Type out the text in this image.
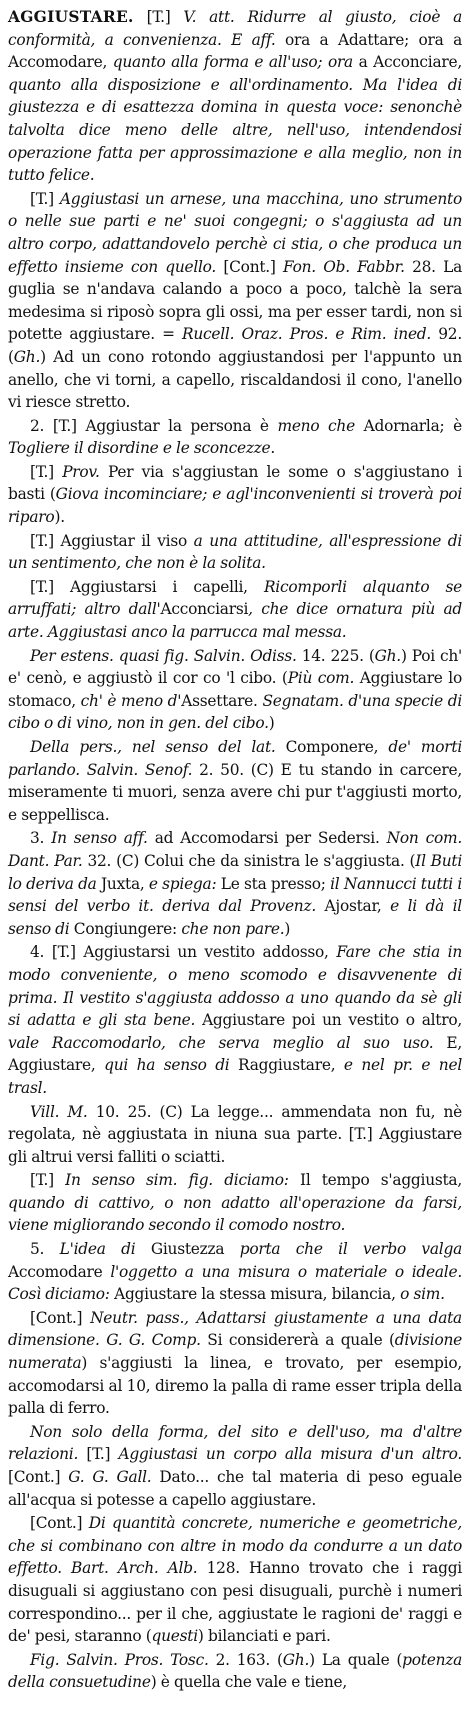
AGGIUSTARE. [T.] V. att. Ridurre al giusto, cioè a conformità, a convenienza. E aff. ora a Adattare; ora a Accomodare, quanto alla forma e all'uso; ora a Acconciare, quanto alla disposizione e all'ordinamento. Ma l'idea di giustezza e di esattezza domina in questa voce: senonchè talvolta dice meno delle altre, nell'uso, intendendosi operazione fatta per approssimazione e alla meglio, non in tutto felice.

[T.] Aggiustasi un arnese, una macchina, uno strumento o nelle sue parti e ne' suoi congegni; o s'aggiusta ad un altro corpo, adattandovelo perchè ci stia, o che produca un effetto insieme con quello. [Cont.] Fon. Ob. Fabbr. 28. La guglia se n'andava calando a poco a poco, talchè la sera medesima si riposò sopra gli ossi, ma per esser tardi, non si potette aggiustare. = Rucell. Oraz. Pros. e Rim. ined. 92. (Gh.) Ad un cono rotondo aggiustandosi per l'appunto un anello, che vi torni, a capello, riscaldandosi il cono, l'anello vi riesce stretto.

2. [T.] Aggiustar la persona è meno che Adornarla; è Togliere il disordine e le sconcezze.

[T.] Prov. Per via s'aggiustan le some o s'aggiustano i basti (Giova incominciare; e agl'inconvenienti si troverà poi riparo).

[T.] Aggiustar il viso a una attitudine, all'espressione di un sentimento, che non è la solita.

[T.] Aggiustarsi i capelli, Ricomporli alquanto se arruffati; altro dall'Acconciarsi, che dice ornatura più ad arte. Aggiustasi anco la parrucca mal messa.

Per estens. quasi fig. Salvin. Odiss. 14. 225. (Gh.) Poi ch' e' cenò, e aggiustò il cor co 'l cibo. (Più com. Aggiustare lo stomaco, ch' è meno d'Assettare. Segnatam. d'una specie di cibo o di vino, non in gen. del cibo.)

Della pers., nel senso del lat. Componere, de' morti parlando. Salvin. Senof. 2. 50. (C) E tu stando in carcere, miseramente ti muori, senza avere chi pur t'aggiusti morto, e seppellisca.

3. In senso aff. ad Accomodarsi per Sedersi. Non com. Dant. Par. 32. (C) Colui che da sinistra le s'aggiusta. (Il Buti lo deriva da Juxta, e spiega: Le sta presso; il Nannucci tutti i sensi del verbo it. deriva dal Provenz. Ajostar, e li dà il senso di Congiungere: che non pare.)

4. [T.] Aggiustarsi un vestito addosso, Fare che stia in modo conveniente, o meno scomodo e disavvenente di prima. Il vestito s'aggiusta addosso a uno quando da sè gli si adatta e gli sta bene. Aggiustare poi un vestito o altro, vale Raccomodarlo, che serva meglio al suo uso. E, Aggiustare, qui ha senso di Raggiustare, e nel pr. e nel trasl.

Vill. M. 10. 25. (C) La legge... ammendata non fu, nè regolata, nè aggiustata in niuna sua parte. [T.] Aggiustare gli altrui versi falliti o sciatti.

[T.] In senso sim. fig. diciamo: Il tempo s'aggiusta, quando di cattivo, o non adatto all'operazione da farsi, viene migliorando secondo il comodo nostro.

5. L'idea di Giustezza porta che il verbo valga Accomodare l'oggetto a una misura o materiale o ideale. Così diciamo: Aggiustare la stessa misura, bilancia, o sim.

[Cont.] Neutr. pass., Adattarsi giustamente a una data dimensione. G. G. Comp. Si considererà a quale (divisione numerata) s'aggiusti la linea, e trovato, per esempio, accomodarsi al 10, diremo la palla di rame esser tripla della palla di ferro.

Non solo della forma, del sito e dell'uso, ma d'altre relazioni. [T.] Aggiustasi un corpo alla misura d'un altro. [Cont.] G. G. Gall. Dato... che tal materia di peso eguale all'acqua si potesse a capello aggiustare.

[Cont.] Di quantità concrete, numeriche e geometriche, che si combinano con altre in modo da condurre a un dato effetto. Bart. Arch. Alb. 128. Hanno trovato che i raggi disuguali si aggiustano con pesi disuguali, purchè i numeri correspondino... per il che, aggiustate le ragioni de' raggi e de' pesi, staranno (questi) bilanciati e pari.

Fig. Salvin. Pros. Tosc. 2. 163. (Gh.) La quale (potenza della consuetudine) è quella che vale e tiene,
